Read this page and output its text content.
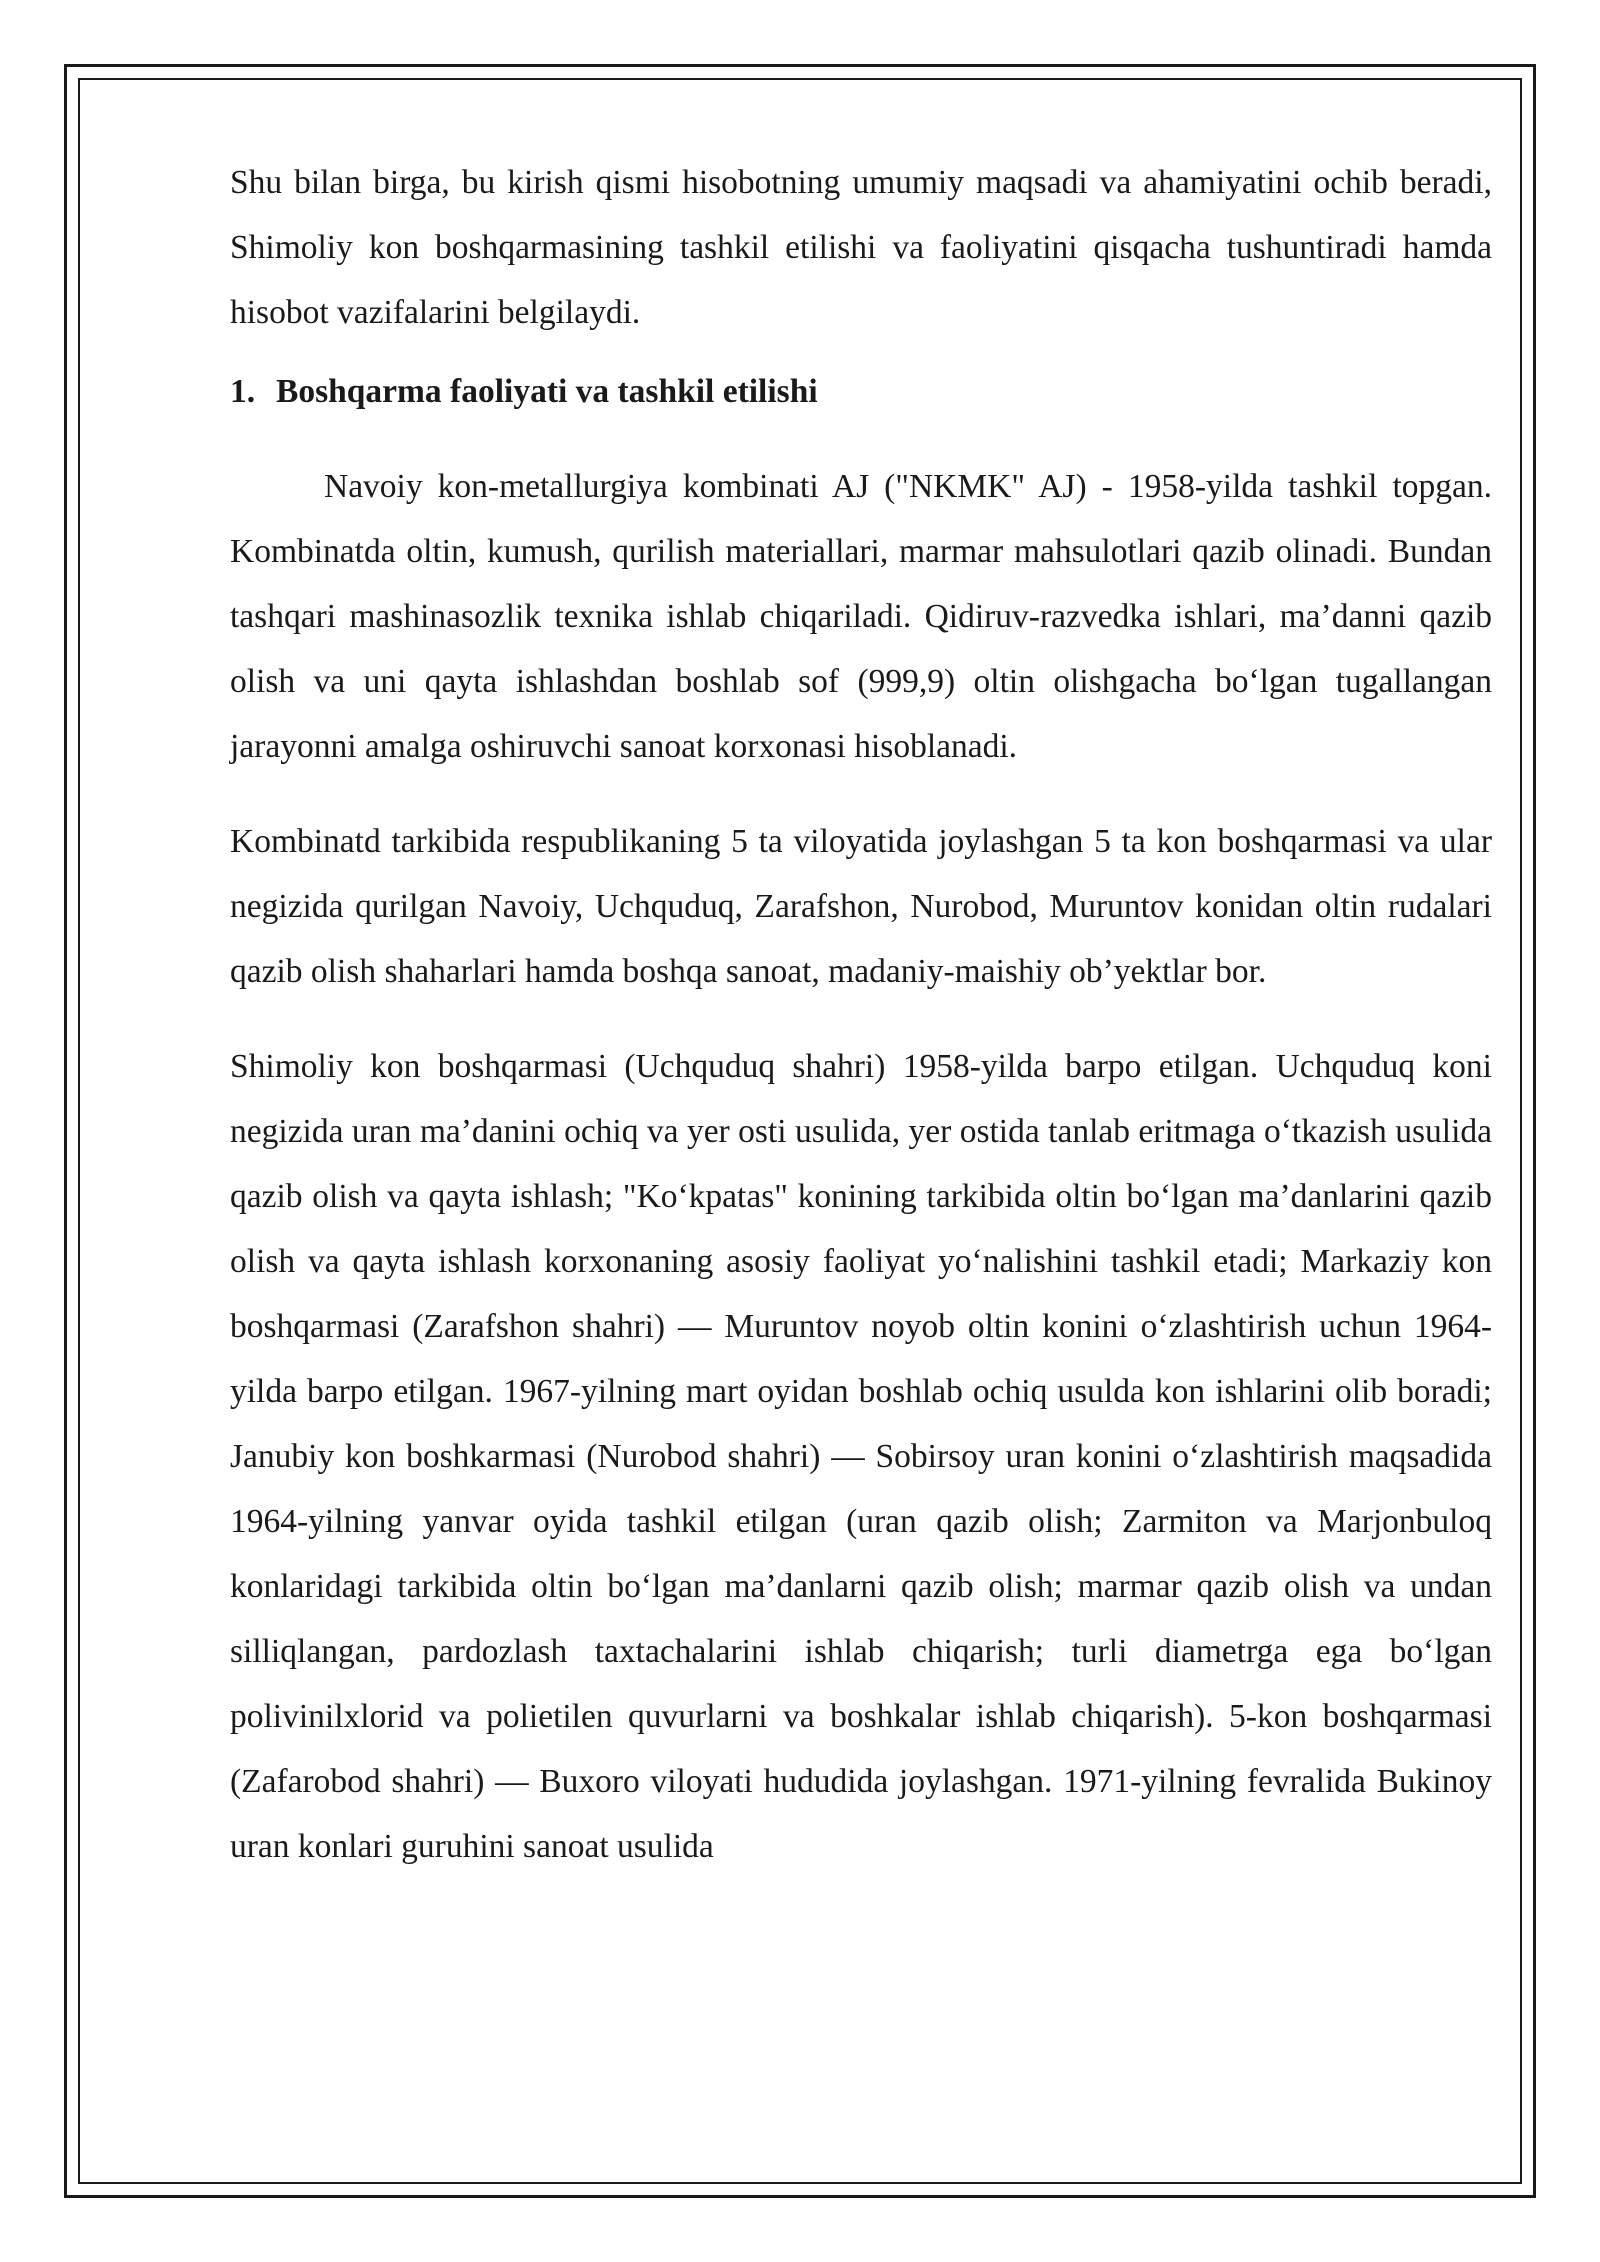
Shu bilan birga, bu kirish qismi hisobotning umumiy maqsadi va ahamiyatini ochib beradi, Shimoliy kon boshqarmasining tashkil etilishi va faoliyatini qisqacha tushuntiradi hamda hisobot vazifalarini belgilaydi.

1. Boshqarma faoliyati va tashkil etilishi

Navoiy kon-metallurgiya kombinati AJ ("NKMK" AJ) - 1958-yilda tashkil topgan. Kombinatda oltin, kumush, qurilish materiallari, marmar mahsulotlari qazib olinadi. Bundan tashqari mashinasozlik texnika ishlab chiqariladi. Qidiruv-razvedka ishlari, ma’danni qazib olish va uni qayta ishlashdan boshlab sof (999,9) oltin olishgacha bo‘lgan tugallangan jarayonni amalga oshiruvchi sanoat korxonasi hisoblanadi.

Kombinatd tarkibida respublikaning 5 ta viloyatida joylashgan 5 ta kon boshqarmasi va ular negizida qurilgan Navoiy, Uchquduq, Zarafshon, Nurobod, Muruntov konidan oltin rudalari qazib olish shaharlari hamda boshqa sanoat, madaniy-maishiy ob’yektlar bor.

Shimoliy kon boshqarmasi (Uchquduq shahri) 1958-yilda barpo etilgan. Uchquduq koni negizida uran ma’danini ochiq va yer osti usulida, yer ostida tanlab eritmaga o‘tkazish usulida qazib olish va qayta ishlash; "Ko‘kpatas" konining tarkibida oltin bo‘lgan ma’danlarini qazib olish va qayta ishlash korxonaning asosiy faoliyat yo‘nalishini tashkil etadi; Markaziy kon boshqarmasi (Zarafshon shahri) — Muruntov noyob oltin konini o‘zlashtirish uchun 1964-yilda barpo etilgan. 1967-yilning mart oyidan boshlab ochiq usulda kon ishlarini olib boradi; Janubiy kon boshkarmasi (Nurobod shahri) — Sobirsoy uran konini o‘zlashtirish maqsadida 1964-yilning yanvar oyida tashkil etilgan (uran qazib olish; Zarmiton va Marjonbuloq konlaridagi tarkibida oltin bo‘lgan ma’danlarni qazib olish; marmar qazib olish va undan silliqlangan, pardozlash taxtachalarini ishlab chiqarish; turli diametrga ega bo‘lgan polivinilxlorid va polietilen quvurlarni va boshkalar ishlab chiqarish). 5-kon boshqarmasi (Zafarobod shahri) — Buxoro viloyati hududida joylashgan. 1971-yilning fevralida Bukinoy uran konlari guruhini sanoat usulida
